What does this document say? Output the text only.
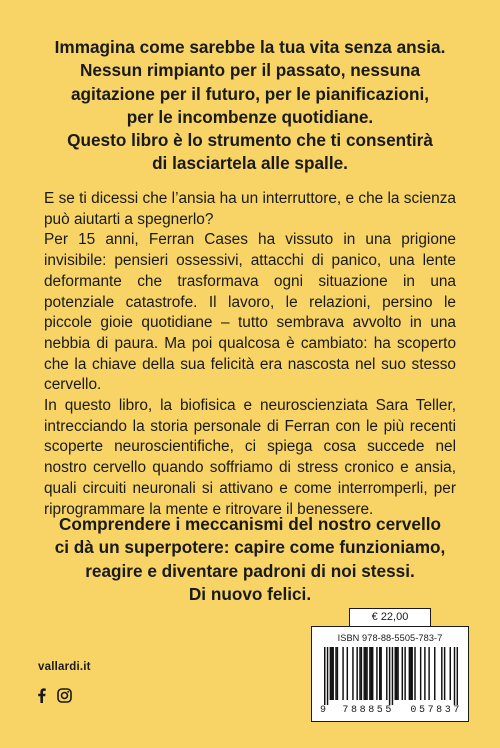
Immagina come sarebbe la tua vita senza ansia.
Nessun rimpianto per il passato, nessuna
agitazione per il futuro, per le pianificazioni,
per le incombenze quotidiane.
Questo libro è lo strumento che ti consentirà
di lasciartela alle spalle.

E se ti dicessi che l’ansia ha un interruttore, e che la scienza può aiutarti a spegnerlo?

Per 15 anni, Ferran Cases ha vissuto in una prigione invisibile: pensieri ossessivi, attacchi di panico, una lente deformante che trasformava ogni situazione in una potenziale catastrofe. Il lavoro, le relazioni, persino le piccole gioie quotidiane – tutto sembrava avvolto in una nebbia di paura. Ma poi qualcosa è cambiato: ha scoperto che la chiave della sua felicità era nascosta nel suo stesso cervello.

In questo libro, la biofisica e neuroscienziata Sara Teller, intrecciando la storia personale di Ferran con le più recenti scoperte neuroscientifiche, ci spiega cosa succede nel nostro cervello quando soffriamo di stress cronico e ansia, quali circuiti neuronali si attivano e come interromperli, per riprogrammare la mente e ritrovare il benessere.

Comprendere i meccanismi del nostro cervello
ci dà un superpotere: capire come funzioniamo,
reagire e diventare padroni di noi stessi.
Di nuovo felici.
vallardi.it
€ 22,00
ISBN 978-88-5505-783-7
9 788855 057837
